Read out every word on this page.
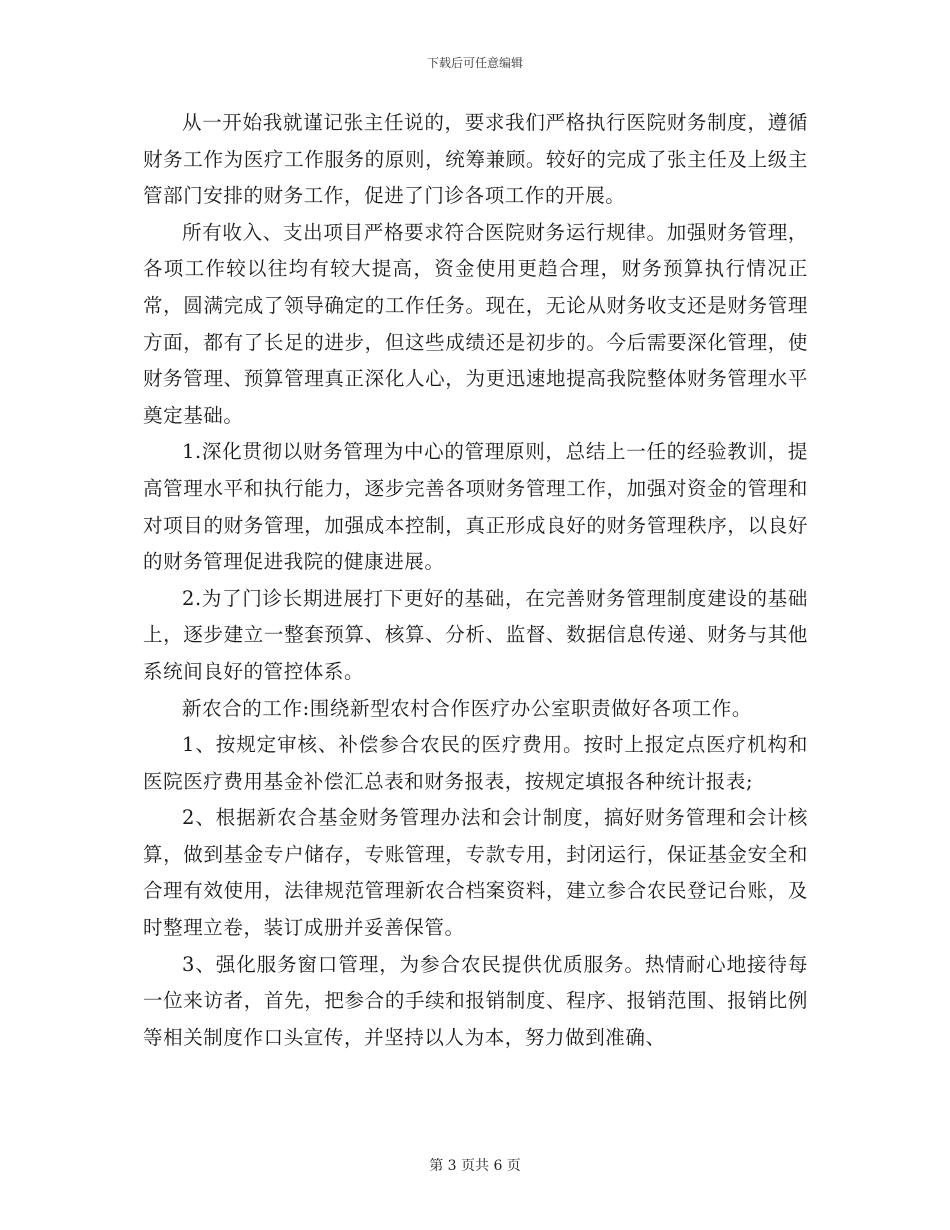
下载后可任意编辑

从一开始我就谨记张主任说的，要求我们严格执行医院财务制度，遵循财务工作为医疗工作服务的原则，统筹兼顾。较好的完成了张主任及上级主管部门安排的财务工作，促进了门诊各项工作的开展。

所有收入、支出项目严格要求符合医院财务运行规律。加强财务管理，各项工作较以往均有较大提高，资金使用更趋合理，财务预算执行情况正常，圆满完成了领导确定的工作任务。现在，无论从财务收支还是财务管理方面，都有了长足的进步，但这些成绩还是初步的。今后需要深化管理，使财务管理、预算管理真正深化人心，为更迅速地提高我院整体财务管理水平奠定基础。

1.深化贯彻以财务管理为中心的管理原则，总结上一任的经验教训，提高管理水平和执行能力，逐步完善各项财务管理工作，加强对资金的管理和对项目的财务管理，加强成本控制，真正形成良好的财务管理秩序，以良好的财务管理促进我院的健康进展。

2.为了门诊长期进展打下更好的基础，在完善财务管理制度建设的基础上，逐步建立一整套预算、核算、分析、监督、数据信息传递、财务与其他系统间良好的管控体系。

新农合的工作:围绕新型农村合作医疗办公室职责做好各项工作。

1、按规定审核、补偿参合农民的医疗费用。按时上报定点医疗机构和医院医疗费用基金补偿汇总表和财务报表，按规定填报各种统计报表;

2、根据新农合基金财务管理办法和会计制度，搞好财务管理和会计核算，做到基金专户储存，专账管理，专款专用，封闭运行，保证基金安全和合理有效使用，法律规范管理新农合档案资料，建立参合农民登记台账，及时整理立卷，装订成册并妥善保管。

3、强化服务窗口管理，为参合农民提供优质服务。热情耐心地接待每一位来访者，首先，把参合的手续和报销制度、程序、报销范围、报销比例等相关制度作口头宣传，并坚持以人为本，努力做到准确、

第 3 页共 6 页
